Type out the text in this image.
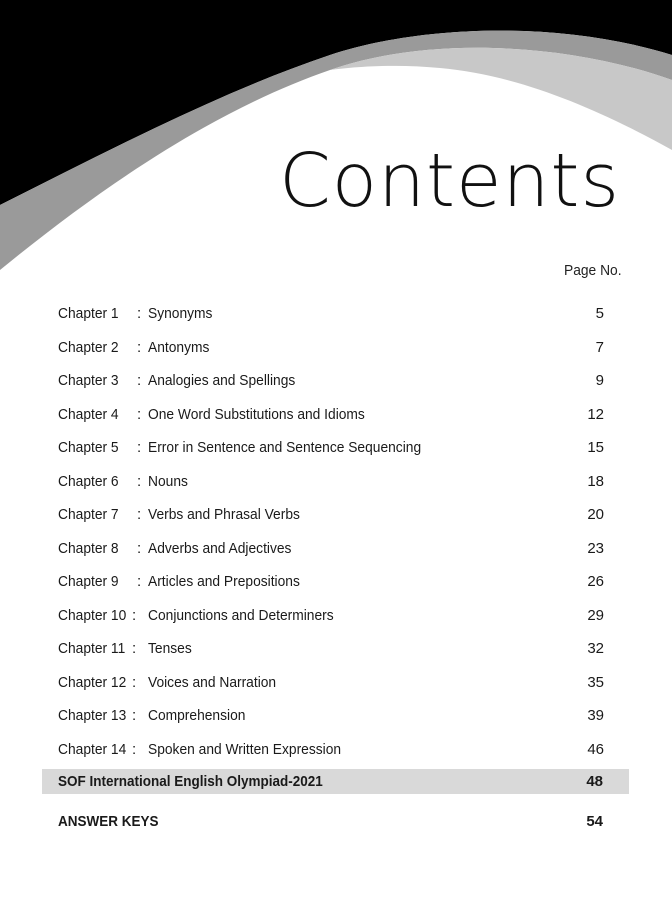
Contents
Page No.
Chapter 1 : Synonyms	5
Chapter 2 : Antonyms	7
Chapter 3 : Analogies and Spellings	9
Chapter 4 : One Word Substitutions and Idioms	12
Chapter 5 : Error in Sentence and Sentence Sequencing	15
Chapter 6 : Nouns	18
Chapter 7 : Verbs and Phrasal Verbs	20
Chapter 8 : Adverbs and Adjectives	23
Chapter 9 : Articles and Prepositions	26
Chapter 10 : Conjunctions and Determiners	29
Chapter 11 : Tenses	32
Chapter 12 : Voices and Narration	35
Chapter 13 : Comprehension	39
Chapter 14 : Spoken and Written Expression	46
SOF International English Olympiad-2021	48
ANSWER KEYS	54
